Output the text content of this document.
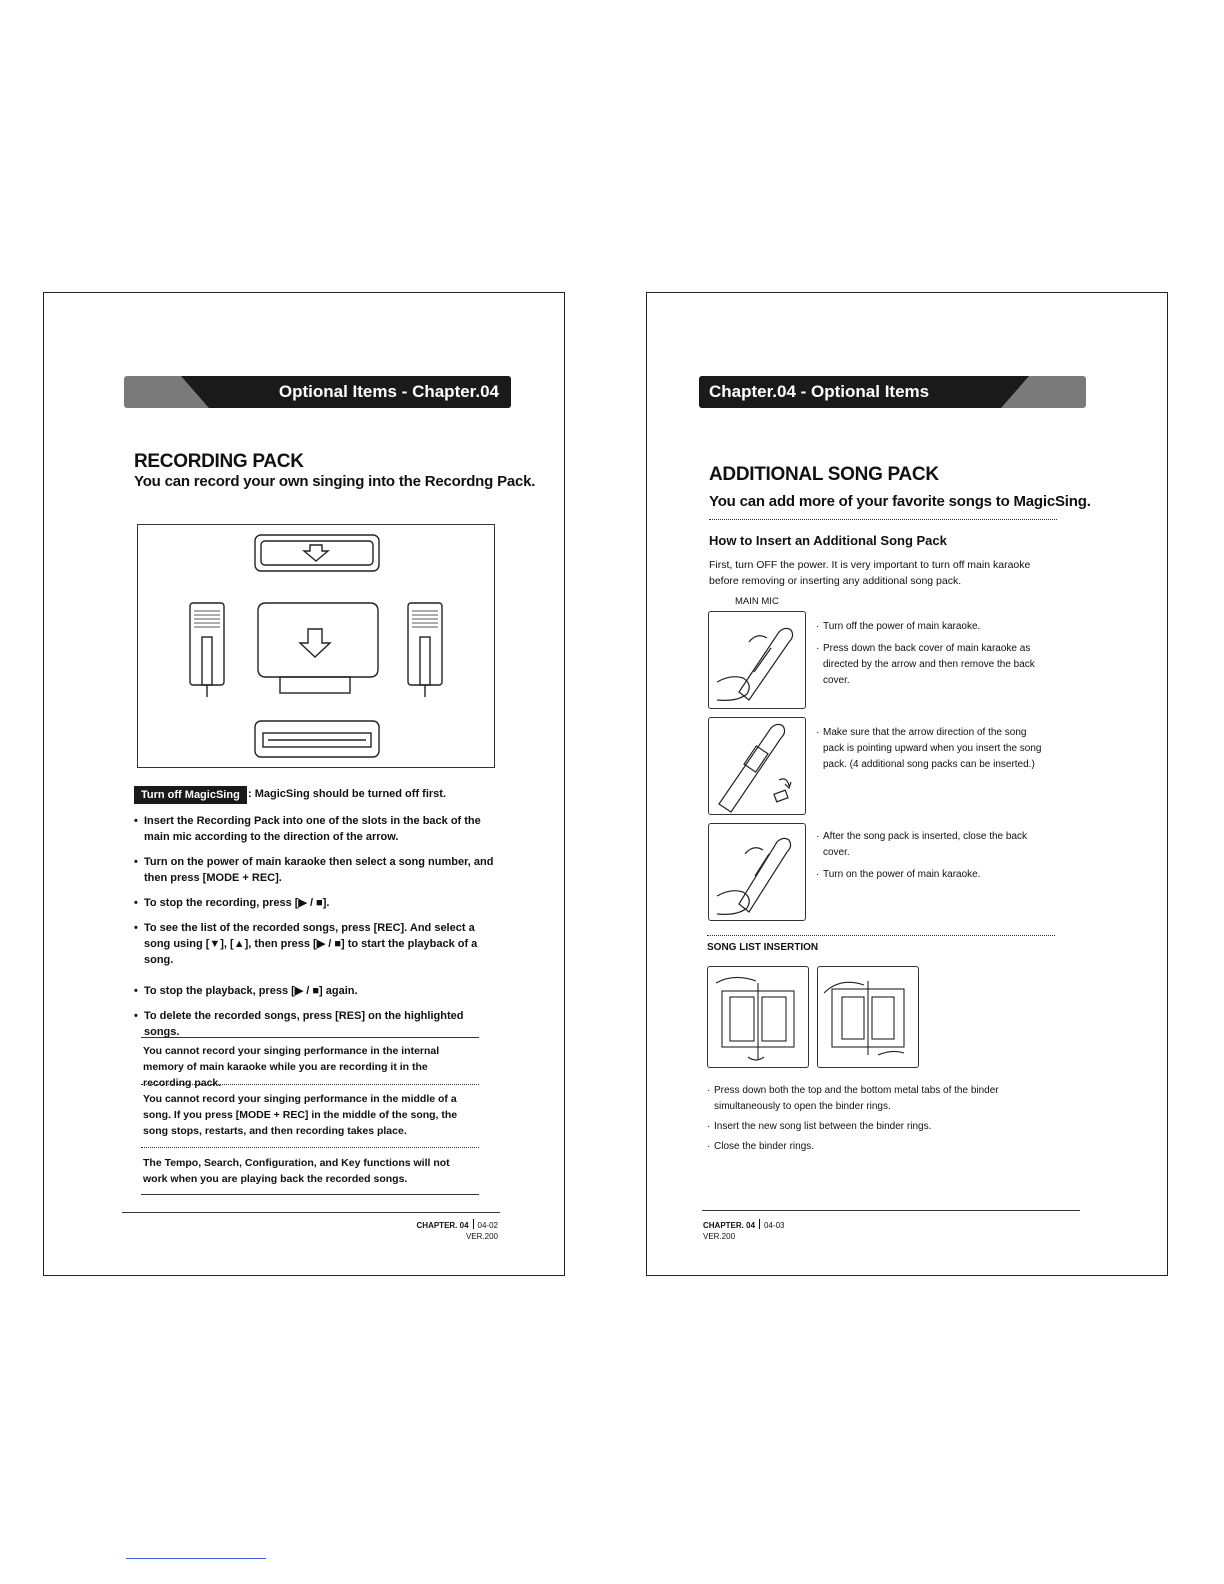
Optional Items - Chapter.04
RECORDING PACK
You can record your own singing into the Recordng Pack.
Turn off MagicSing : MagicSing should be turned off first.
• Insert the Recording Pack into one of the slots in the back of the main mic according to the direction of the arrow.
• Turn on the power of main karaoke then select a song number, and then press [MODE + REC].
• To stop the recording, press [▶ / ■].
• To see the list of the recorded songs, press [REC]. And select a song using [▼], [▲], then press [▶ / ■] to start the playback of a song.
• To stop the playback, press [▶ / ■] again.
• To delete the recorded songs, press [RES] on the highlighted songs.
You cannot record your singing performance in the internal memory of main karaoke while you are recording it in the recording pack.
You cannot record your singing performance in the middle of a song. If you press [MODE + REC] in the middle of the song, the song stops, restarts, and then recording takes place.
The Tempo, Search, Configuration, and Key functions will not work when you are playing back the recorded songs.
CHAPTER. 04 04-02
VER.200
Chapter.04 - Optional Items
ADDITIONAL SONG PACK
You can add more of your favorite songs to MagicSing.
How to Insert an Additional Song Pack
First, turn OFF the power. It is very important to turn off main karaoke before removing or inserting any additional song pack.
MAIN MIC
· Turn off the power of main karaoke.
· Press down the back cover of main karaoke as directed by the arrow and then remove the back cover.
· Make sure that the arrow direction of the song pack is pointing upward when you insert the song pack. (4 additional song packs can be inserted.)
· After the song pack is inserted, close the back cover.
· Turn on the power of main karaoke.
SONG LIST INSERTION
· Press down both the top and the bottom metal tabs of the binder simultaneously to open the binder rings.
· Insert the new song list between the binder rings.
· Close the binder rings.
CHAPTER. 04 04-03
VER.200
